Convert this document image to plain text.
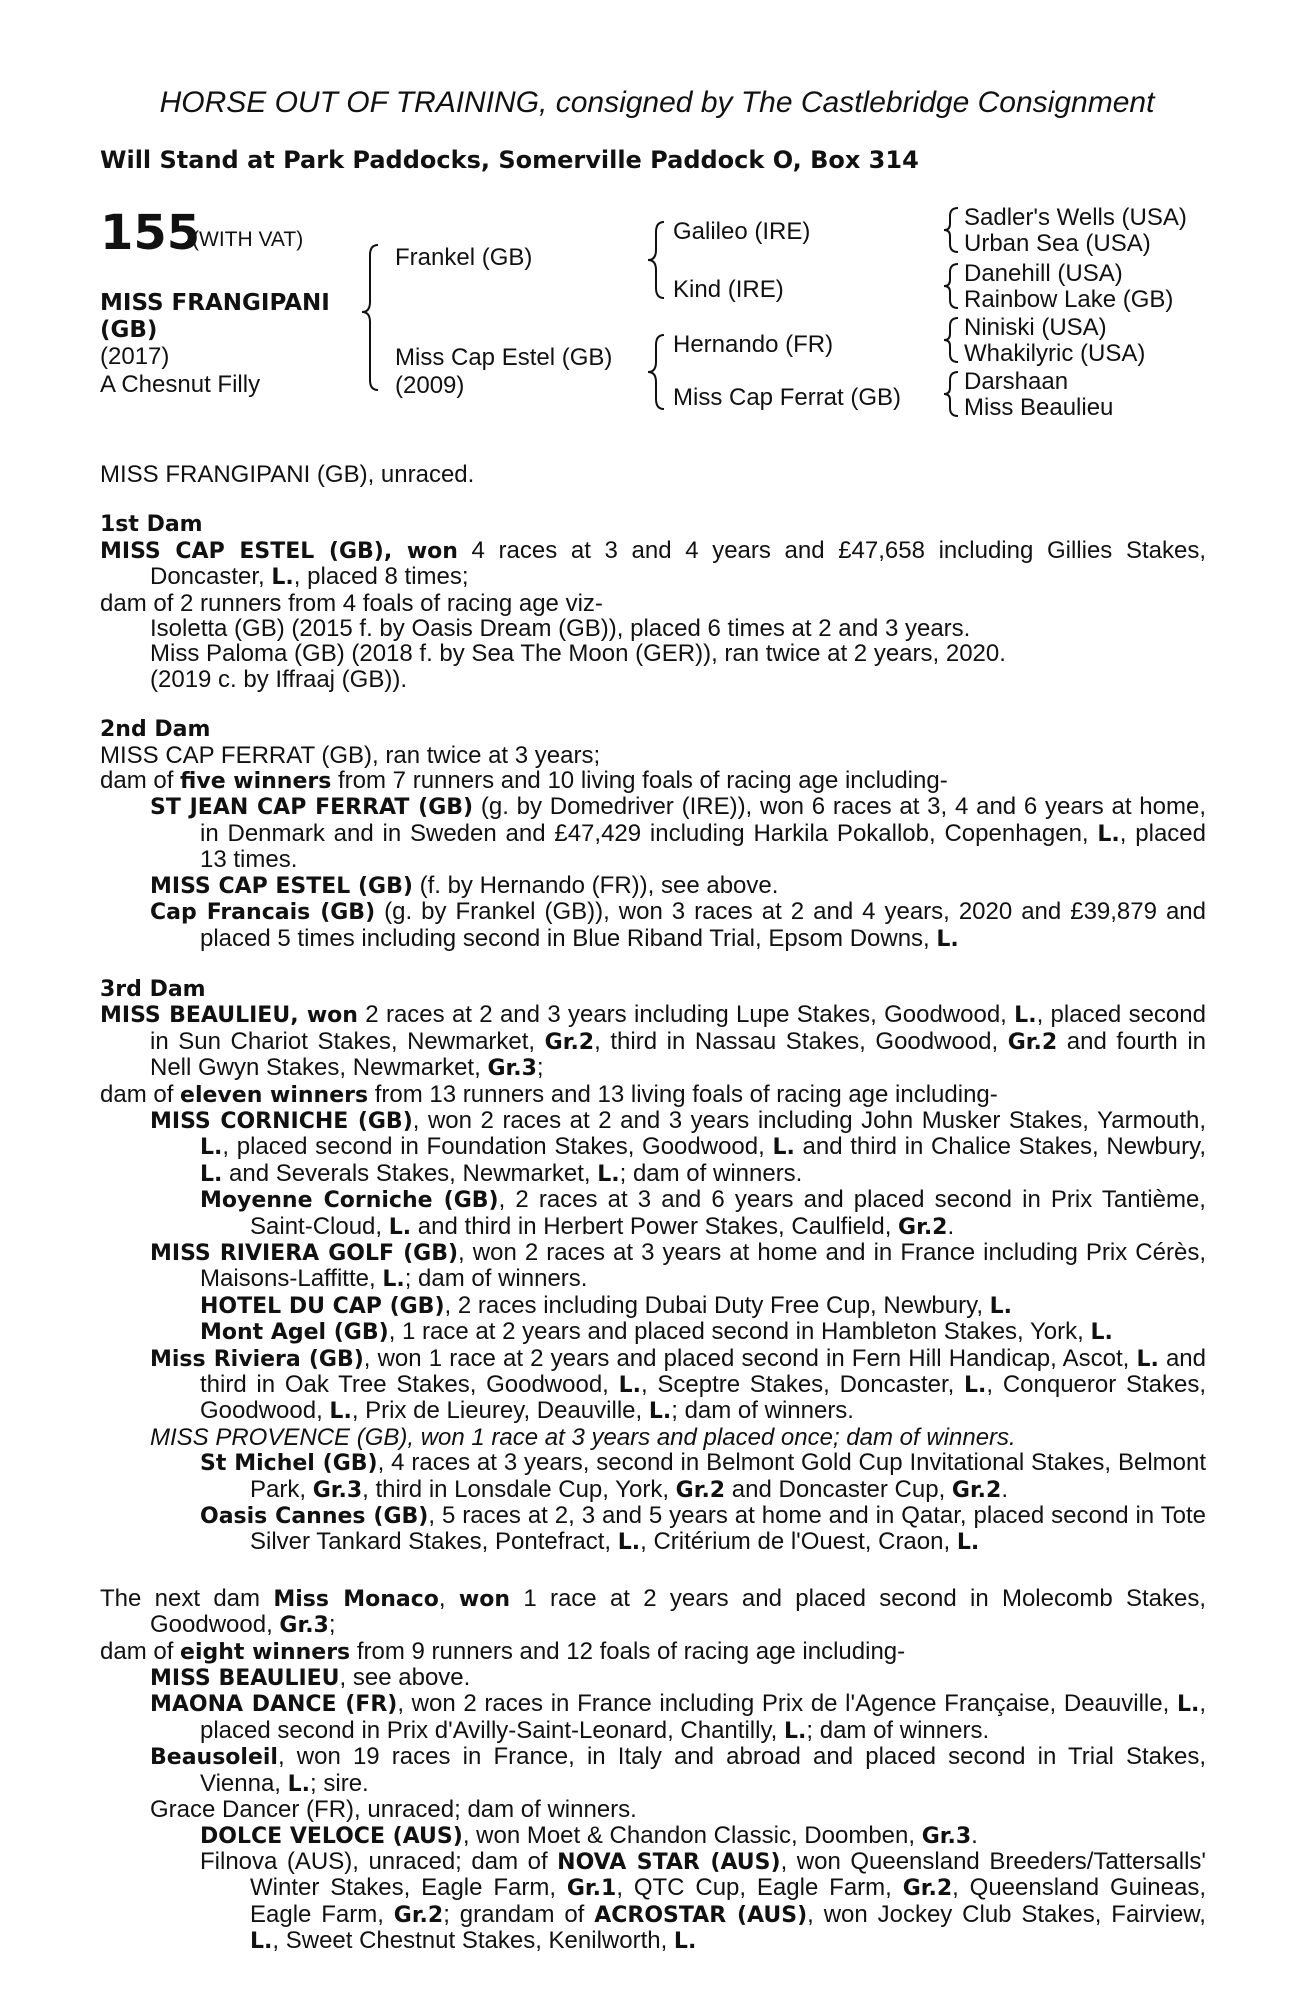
HORSE OUT OF TRAINING, consigned by The Castlebridge Consignment
Will Stand at Park Paddocks, Somerville Paddock O, Box 314
155
(WITH VAT)
MISS FRANGIPANI
(GB)
(2017)
A Chesnut Filly
Frankel (GB)
Miss Cap Estel (GB)
(2009)
Galileo (IRE)
Kind (IRE)
Hernando (FR)
Miss Cap Ferrat (GB)
Sadler's Wells (USA)
Urban Sea (USA)
Danehill (USA)
Rainbow Lake (GB)
Niniski (USA)
Whakilyric (USA)
Darshaan
Miss Beaulieu

MISS FRANGIPANI (GB), unraced.

1st Dam

MISS CAP ESTEL (GB), won 4 races at 3 and 4 years and £47,658 including Gillies Stakes, Doncaster, L., placed 8 times;

dam of 2 runners from 4 foals of racing age viz-

Isoletta (GB) (2015 f. by Oasis Dream (GB)), placed 6 times at 2 and 3 years.

Miss Paloma (GB) (2018 f. by Sea The Moon (GER)), ran twice at 2 years, 2020.

(2019 c. by Iffraaj (GB)).

2nd Dam

MISS CAP FERRAT (GB), ran twice at 3 years;

dam of five winners from 7 runners and 10 living foals of racing age including-

ST JEAN CAP FERRAT (GB) (g. by Domedriver (IRE)), won 6 races at 3, 4 and 6 years at home, in Denmark and in Sweden and £47,429 including Harkila Pokallob, Copenhagen, L., placed 13 times.

MISS CAP ESTEL (GB) (f. by Hernando (FR)), see above.

Cap Francais (GB) (g. by Frankel (GB)), won 3 races at 2 and 4 years, 2020 and £39,879 and placed 5 times including second in Blue Riband Trial, Epsom Downs, L.

3rd Dam

MISS BEAULIEU, won 2 races at 2 and 3 years including Lupe Stakes, Goodwood, L., placed second in Sun Chariot Stakes, Newmarket, Gr.2, third in Nassau Stakes, Goodwood, Gr.2 and fourth in Nell Gwyn Stakes, Newmarket, Gr.3;

dam of eleven winners from 13 runners and 13 living foals of racing age including-

MISS CORNICHE (GB), won 2 races at 2 and 3 years including John Musker Stakes, Yarmouth, L., placed second in Foundation Stakes, Goodwood, L. and third in Chalice Stakes, Newbury, L. and Severals Stakes, Newmarket, L.; dam of winners.

Moyenne Corniche (GB), 2 races at 3 and 6 years and placed second in Prix Tantième, Saint-Cloud, L. and third in Herbert Power Stakes, Caulfield, Gr.2.

MISS RIVIERA GOLF (GB), won 2 races at 3 years at home and in France including Prix Cérès, Maisons-Laffitte, L.; dam of winners.

HOTEL DU CAP (GB), 2 races including Dubai Duty Free Cup, Newbury, L.

Mont Agel (GB), 1 race at 2 years and placed second in Hambleton Stakes, York, L.

Miss Riviera (GB), won 1 race at 2 years and placed second in Fern Hill Handicap, Ascot, L. and third in Oak Tree Stakes, Goodwood, L., Sceptre Stakes, Doncaster, L., Conqueror Stakes, Goodwood, L., Prix de Lieurey, Deauville, L.; dam of winners.

MISS PROVENCE (GB), won 1 race at 3 years and placed once; dam of winners.

St Michel (GB), 4 races at 3 years, second in Belmont Gold Cup Invitational Stakes, Belmont Park, Gr.3, third in Lonsdale Cup, York, Gr.2 and Doncaster Cup, Gr.2.

Oasis Cannes (GB), 5 races at 2, 3 and 5 years at home and in Qatar, placed second in Tote Silver Tankard Stakes, Pontefract, L., Critérium de l'Ouest, Craon, L.

The next dam Miss Monaco, won 1 race at 2 years and placed second in Molecomb Stakes, Goodwood, Gr.3;

dam of eight winners from 9 runners and 12 foals of racing age including-

MISS BEAULIEU, see above.

MAONA DANCE (FR), won 2 races in France including Prix de l'Agence Française, Deauville, L., placed second in Prix d'Avilly-Saint-Leonard, Chantilly, L.; dam of winners.

Beausoleil, won 19 races in France, in Italy and abroad and placed second in Trial Stakes, Vienna, L.; sire.

Grace Dancer (FR), unraced; dam of winners.

DOLCE VELOCE (AUS), won Moet & Chandon Classic, Doomben, Gr.3.

Filnova (AUS), unraced; dam of NOVA STAR (AUS), won Queensland Breeders/Tattersalls' Winter Stakes, Eagle Farm, Gr.1, QTC Cup, Eagle Farm, Gr.2, Queensland Guineas, Eagle Farm, Gr.2; grandam of ACROSTAR (AUS), won Jockey Club Stakes, Fairview, L., Sweet Chestnut Stakes, Kenilworth, L.
